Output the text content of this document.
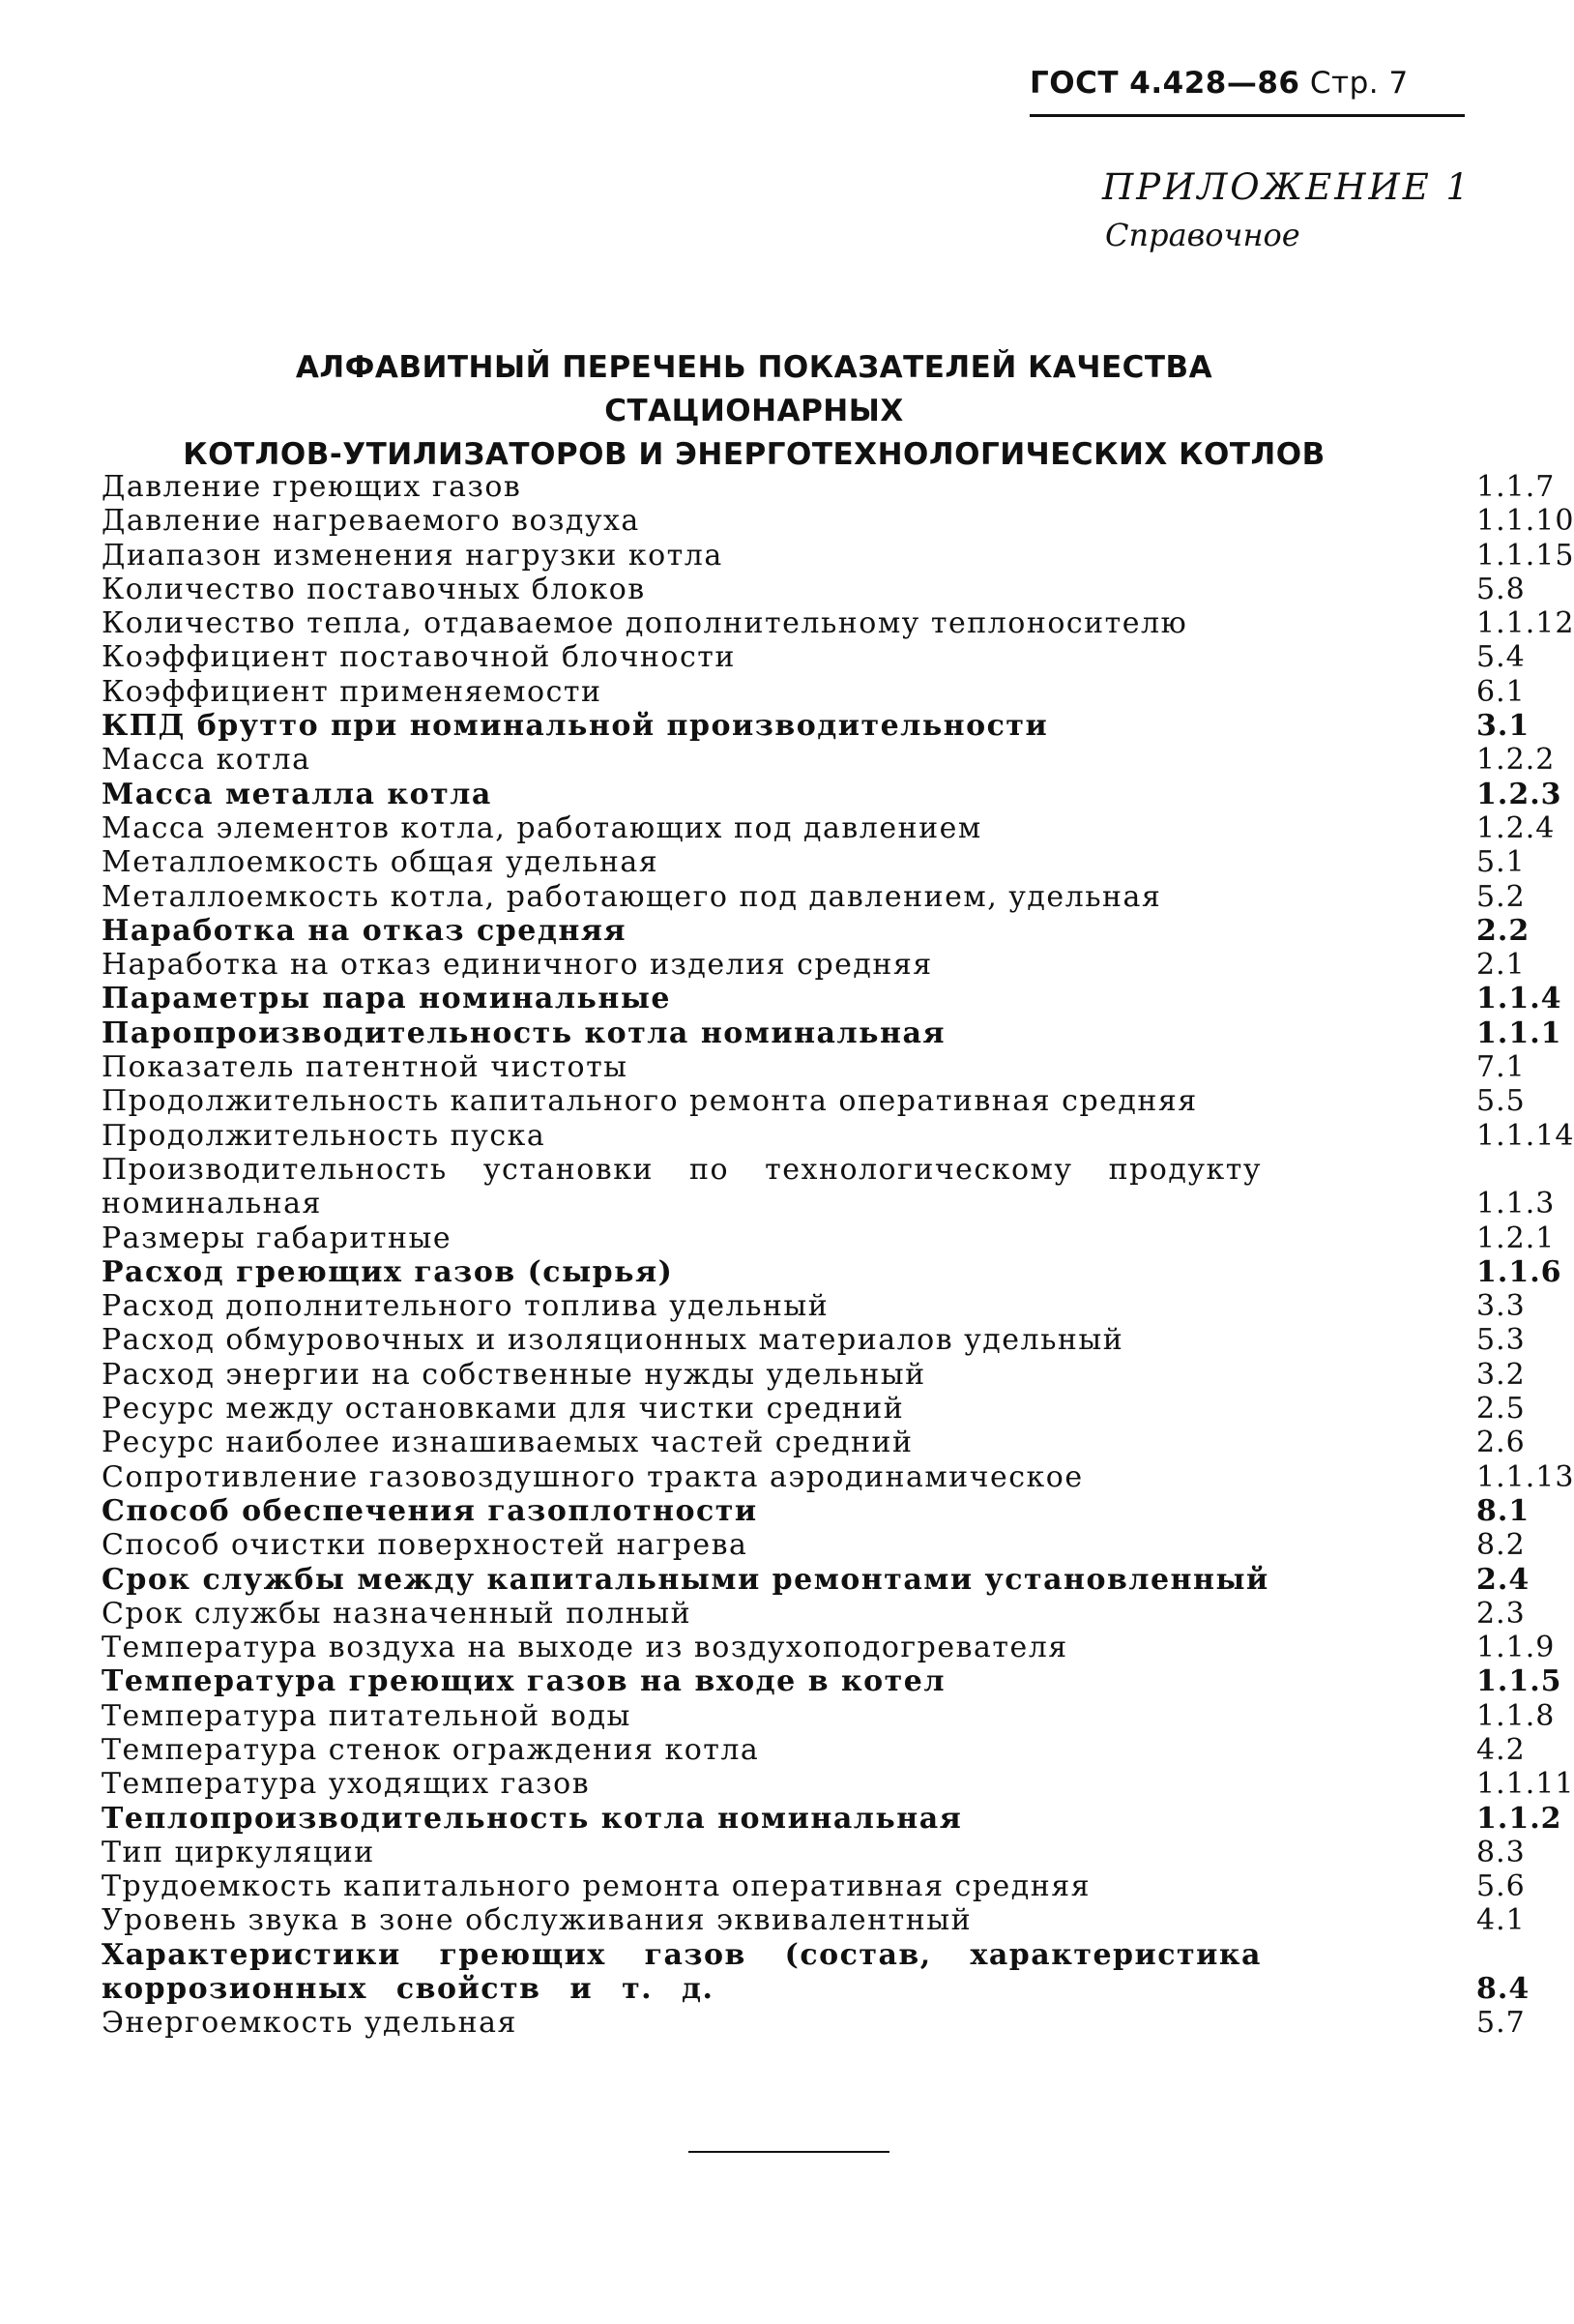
ГОСТ 4.428—86 Стр. 7
ПРИЛОЖЕНИЕ 1
Справочное
АЛФАВИТНЫЙ ПЕРЕЧЕНЬ ПОКАЗАТЕЛЕЙ КАЧЕСТВА СТАЦИОНАРНЫХ
КОТЛОВ-УТИЛИЗАТОРОВ И ЭНЕРГОТЕХНОЛОГИЧЕСКИХ КОТЛОВ
Давление греющих газов	1.1.7
Давление нагреваемого воздуха	1.1.10
Диапазон изменения нагрузки котла	1.1.15
Количество поставочных блоков	5.8
Количество тепла, отдаваемое дополнительному теплоносителю	1.1.12
Коэффициент поставочной блочности	5.4
Коэффициент применяемости	6.1
КПД брутто при номинальной производительности	3.1
Масса котла	1.2.2
Масса металла котла	1.2.3
Масса элементов котла, работающих под давлением	1.2.4
Металлоемкость общая удельная	5.1
Металлоемкость котла, работающего под давлением, удельная	5.2
Наработка на отказ средняя	2.2
Наработка на отказ единичного изделия средняя	2.1
Параметры пара номинальные	1.1.4
Паропроизводительность котла номинальная	1.1.1
Показатель патентной чистоты	7.1
Продолжительность капитального ремонта оперативная средняя	5.5
Продолжительность пуска	1.1.14
Производительность установки по технологическому продукту номинальная	1.1.3
Размеры габаритные	1.2.1
Расход греющих газов (сырья)	1.1.6
Расход дополнительного топлива удельный	3.3
Расход обмуровочных и изоляционных материалов удельный	5.3
Расход энергии на собственные нужды удельный	3.2
Ресурс между остановками для чистки средний	2.5
Ресурс наиболее изнашиваемых частей средний	2.6
Сопротивление газовоздушного тракта аэродинамическое	1.1.13
Способ обеспечения газоплотности	8.1
Способ очистки поверхностей нагрева	8.2
Срок службы между капитальными ремонтами установленный	2.4
Срок службы назначенный полный	2.3
Температура воздуха на выходе из воздухоподогревателя	1.1.9
Температура греющих газов на входе в котел	1.1.5
Температура питательной воды	1.1.8
Температура стенок ограждения котла	4.2
Температура уходящих газов	1.1.11
Теплопроизводительность котла номинальная	1.1.2
Тип циркуляции	8.3
Трудоемкость капитального ремонта оперативная средняя	5.6
Уровень звука в зоне обслуживания эквивалентный	4.1
Характеристики греющих газов (состав, характеристика коррозионных свойств и т. д.	8.4
Энергоемкость удельная	5.7
